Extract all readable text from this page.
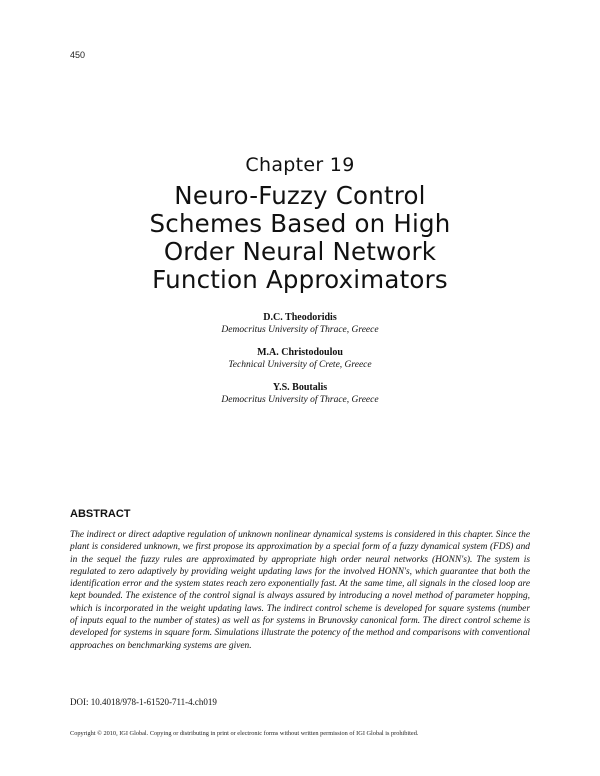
450
Chapter 19
Neuro-Fuzzy Control
Schemes Based on High
Order Neural Network
Function Approximators
D.C. Theodoridis
Democritus University of Thrace, Greece
M.A. Christodoulou
Technical University of Crete, Greece
Y.S. Boutalis
Democritus University of Thrace, Greece
ABSTRACT
The indirect or direct adaptive regulation of unknown nonlinear dynamical systems is considered in this chapter. Since the plant is considered unknown, we first propose its approximation by a special form of a fuzzy dynamical system (FDS) and in the sequel the fuzzy rules are approximated by appropriate high order neural networks (HONN's). The system is regulated to zero adaptively by providing weight updating laws for the involved HONN's, which guarantee that both the identification error and the system states reach zero exponentially fast. At the same time, all signals in the closed loop are kept bounded. The existence of the control signal is always assured by introducing a novel method of parameter hopping, which is incorporated in the weight updating laws. The indirect control scheme is developed for square systems (number of inputs equal to the number of states) as well as for systems in Brunovsky canonical form. The direct control scheme is developed for systems in square form. Simulations illustrate the potency of the method and comparisons with conventional approaches on benchmarking systems are given.
DOI: 10.4018/978-1-61520-711-4.ch019
Copyright © 2010, IGI Global. Copying or distributing in print or electronic forms without written permission of IGI Global is prohibited.
